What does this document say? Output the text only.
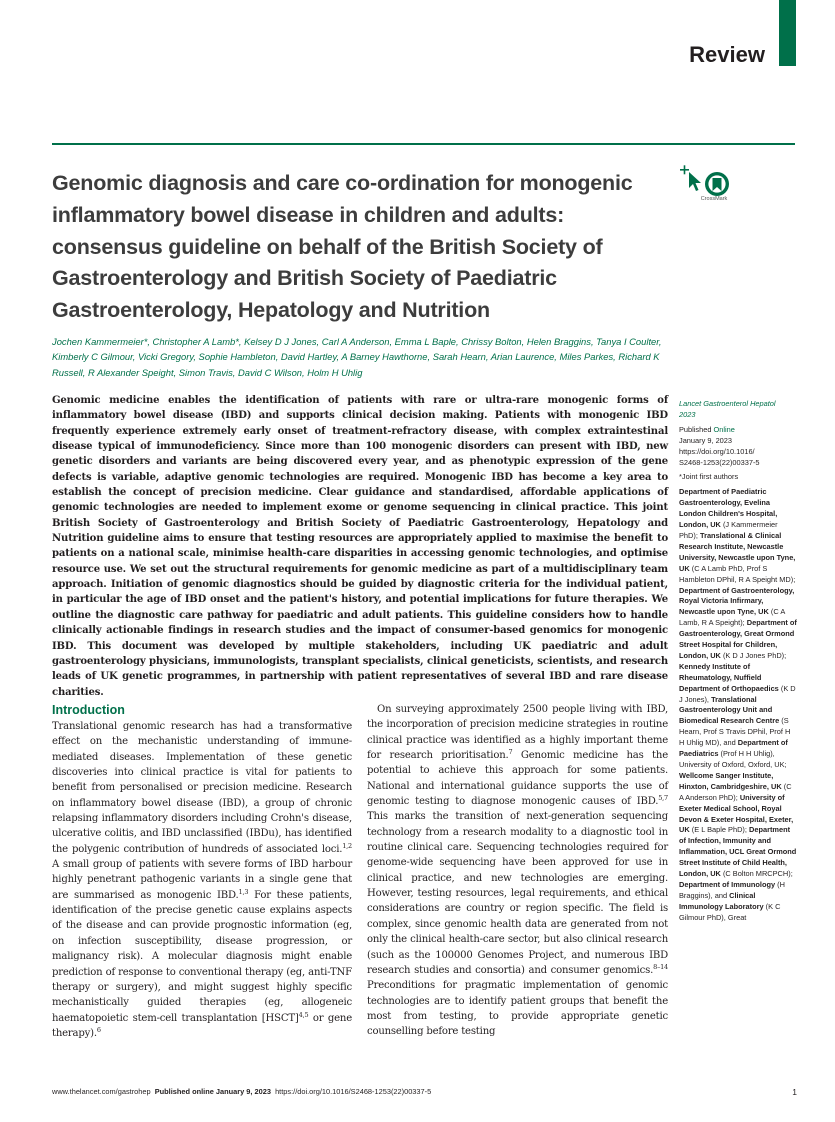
Review
Genomic diagnosis and care co-ordination for monogenic inflammatory bowel disease in children and adults: consensus guideline on behalf of the British Society of Gastroenterology and British Society of Paediatric Gastroenterology, Hepatology and Nutrition
CrossMark
Jochen Kammermeier*, Christopher A Lamb*, Kelsey D J Jones, Carl A Anderson, Emma L Baple, Chrissy Bolton, Helen Braggins, Tanya I Coulter, Kimberly C Gilmour, Vicki Gregory, Sophie Hambleton, David Hartley, A Barney Hawthorne, Sarah Hearn, Arian Laurence, Miles Parkes, Richard K Russell, R Alexander Speight, Simon Travis, David C Wilson, Holm H Uhlig

Genomic medicine enables the identification of patients with rare or ultra-rare monogenic forms of inflammatory bowel disease (IBD) and supports clinical decision making. Patients with monogenic IBD frequently experience extremely early onset of treatment-refractory disease, with complex extraintestinal disease typical of immunodeficiency. Since more than 100 monogenic disorders can present with IBD, new genetic disorders and variants are being discovered every year, and as phenotypic expression of the gene defects is variable, adaptive genomic technologies are required. Monogenic IBD has become a key area to establish the concept of precision medicine. Clear guidance and standardised, affordable applications of genomic technologies are needed to implement exome or genome sequencing in clinical practice. This joint British Society of Gastroenterology and British Society of Paediatric Gastroenterology, Hepatology and Nutrition guideline aims to ensure that testing resources are appropriately applied to maximise the benefit to patients on a national scale, minimise health-care disparities in accessing genomic technologies, and optimise resource use. We set out the structural requirements for genomic medicine as part of a multidisciplinary team approach. Initiation of genomic diagnostics should be guided by diagnostic criteria for the individual patient, in particular the age of IBD onset and the patient's history, and potential implications for future therapies. We outline the diagnostic care pathway for paediatric and adult patients. This guideline considers how to handle clinically actionable findings in research studies and the impact of consumer-based genomics for monogenic IBD. This document was developed by multiple stakeholders, including UK paediatric and adult gastroenterology physicians, immunologists, transplant specialists, clinical geneticists, scientists, and research leads of UK genetic programmes, in partnership with patient representatives of several IBD and rare disease charities.

Introduction

Translational genomic research has had a transformative effect on the mechanistic understanding of immune-mediated diseases. Implementation of these genetic discoveries into clinical practice is vital for patients to benefit from personalised or precision medicine. Research on inflammatory bowel disease (IBD), a group of chronic relapsing inflammatory disorders including Crohn's disease, ulcerative colitis, and IBD unclassified (IBDu), has identified the polygenic contribution of hundreds of associated loci.$^{1,2}$ A small group of patients with severe forms of IBD harbour highly penetrant pathogenic variants in a single gene that are summarised as monogenic IBD.$^{1,3}$ For these patients, identification of the precise genetic cause explains aspects of the disease and can provide prognostic information (eg, on infection susceptibility, disease progression, or malignancy risk). A molecular diagnosis might enable prediction of response to conventional therapy (eg, anti-TNF therapy or surgery), and might suggest highly specific mechanistically guided therapies (eg, allogeneic haematopoietic stem-cell transplantation [HSCT]$^{4,5}$ or gene therapy).$^6$

On surveying approximately 2500 people living with IBD, the incorporation of precision medicine strategies in routine clinical practice was identified as a highly important theme for research prioritisation.$^7$ Genomic medicine has the potential to achieve this approach for some patients. National and international guidance supports the use of genomic testing to diagnose monogenic causes of IBD.$^{5,7}$ This marks the transition of next-generation sequencing technology from a research modality to a diagnostic tool in routine clinical care. Sequencing technologies required for genome-wide sequencing have been approved for use in clinical practice, and new technologies are emerging. However, testing resources, legal requirements, and ethical considerations are country or region specific. The field is complex, since genomic health data are generated from not only the clinical health-care sector, but also clinical research (such as the 100000 Genomes Project, and numerous IBD research studies and consortia) and consumer genomics.$^{8-14}$ Preconditions for pragmatic implementation of genomic technologies are to identify patient groups that benefit the most from testing, to provide appropriate genetic counselling before testing

Lancet Gastroenterol Hepatol
2023
Published Online
January 9, 2023
https://doi.org/10.1016/
S2468-1253(22)00337-5
*Joint first authors
Department of Paediatric Gastroenterology, Evelina London Children's Hospital, London, UK (J Kammermeier PhD); Translational & Clinical Research Institute, Newcastle University, Newcastle upon Tyne, UK (C A Lamb PhD, Prof S Hambleton DPhil, R A Speight MD); Department of Gastroenterology, Royal Victoria Infirmary, Newcastle upon Tyne, UK (C A Lamb, R A Speight); Department of Gastroenterology, Great Ormond Street Hospital for Children, London, UK (K D J Jones PhD); Kennedy Institute of Rheumatology, Nuffield Department of Orthopaedics (K D J Jones), Translational Gastroenterology Unit and Biomedical Research Centre (S Hearn, Prof S Travis DPhil, Prof H H Uhlig MD), and Department of Paediatrics (Prof H H Uhlig), University of Oxford, Oxford, UK; Wellcome Sanger Institute, Hinxton, Cambridgeshire, UK (C A Anderson PhD); University of Exeter Medical School, Royal Devon & Exeter Hospital, Exeter, UK (E L Baple PhD); Department of Infection, Immunity and Inflammation, UCL Great Ormond Street Institute of Child Health, London, UK (C Bolton MRCPCH); Department of Immunology (H Braggins), and Clinical Immunology Laboratory (K C Gilmour PhD), Great
www.thelancet.com/gastrohep Published online January 9, 2023 https://doi.org/10.1016/S2468-1253(22)00337-5	1
